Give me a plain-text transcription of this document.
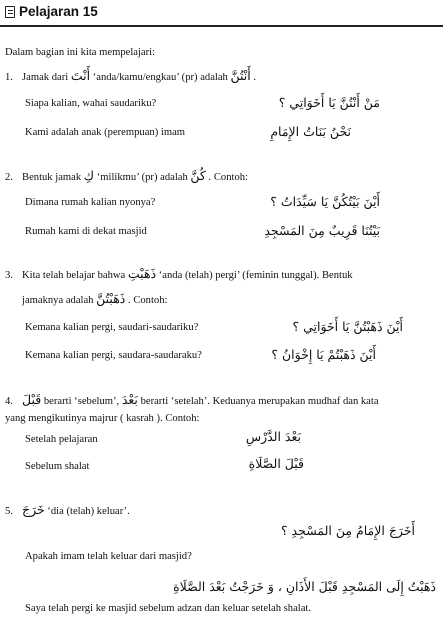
Pelajaran 15
Dalam bagian ini kita mempelajari:
1. Jamak dari أَنْتَ ‘anda/kamu/engkau’ (pr) adalah أَنْتُنَّ .
Siapa kalian, wahai saudariku?	مَنْ أَنْتُنَّ يَا أَخَوَاتِي ؟
Kami adalah anak (perempuan) imam	نَحْنُ بَنَاتُ الإِمَامِ
2. Bentuk jamak كِ ‘milikmu’ (pr) adalah كُنَّ . Contoh:
Dimana rumah kalian nyonya?	أَيْنَ بَيْتُكُنَّ يَا سَيِّدَاتُ ؟
Rumah kami di dekat masjid	بَيْتُنَا قَرِيبٌ مِنَ المَسْجِدِ
3. Kita telah belajar bahwa ذَهَبْتِ ‘anda (telah) pergi’ (feminin tunggal). Bentuk
jamaknya adalah ذَهَبْتُنَّ . Contoh:
Kemana kalian pergi, saudari-saudariku?	أَيْنَ ذَهَبْتُنَّ يَا أَخَوَاتِي ؟
Kemana kalian pergi, saudara-saudaraku?	أَيْنَ ذَهَبْتُمْ يَا إِخْوَانُ ؟
4. قَبْلَ berarti ‘sebelum’, بَعْدَ berarti ‘setelah’. Keduanya merupakan mudhaf dan kata
yang mengikutinya majrur ( kasrah ). Contoh:
Setelah pelajaran	بَعْدَ الدَّرْسِ
Sebelum shalat	قَبْلَ الصَّلَاةِ
5. خَرَجَ ‘dia (telah) keluar’.
أَخَرَجَ الإِمَامُ مِنَ المَسْجِدِ ؟
Apakah imam telah keluar dari masjid?
ذَهَبْتُ إِلَى المَسْجِدِ قَبْلَ الأَذَانِ ، وَ خَرَجْتُ بَعْدَ الصَّلَاةِ
Saya telah pergi ke masjid sebelum adzan dan keluar setelah shalat.
